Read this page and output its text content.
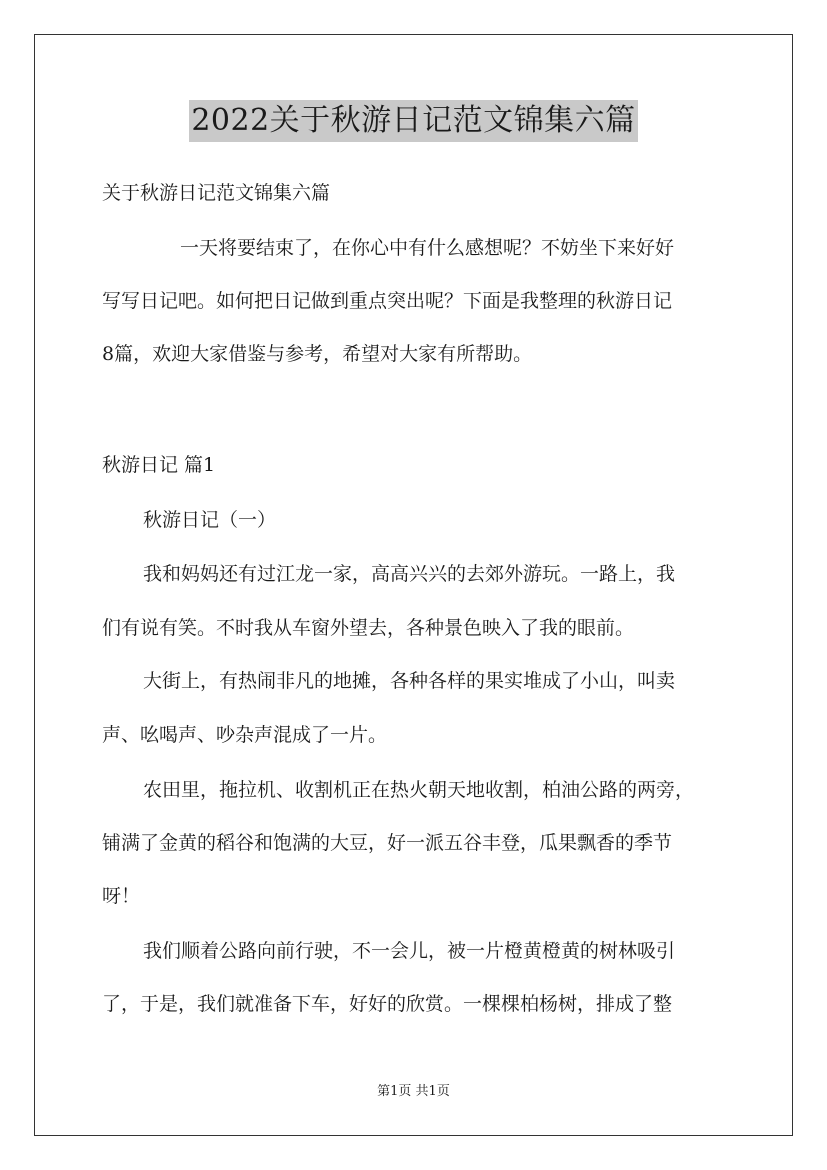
2022关于秋游日记范文锦集六篇
关于秋游日记范文锦集六篇
一天将要结束了，在你心中有什么感想呢？不妨坐下来好好
写写日记吧。如何把日记做到重点突出呢？下面是我整理的秋游日记
8篇，欢迎大家借鉴与参考，希望对大家有所帮助。
秋游日记 篇1
秋游日记（一）
我和妈妈还有过江龙一家，高高兴兴的去郊外游玩。一路上，我
们有说有笑。不时我从车窗外望去，各种景色映入了我的眼前。
大街上，有热闹非凡的地摊，各种各样的果实堆成了小山，叫卖
声、吆喝声、吵杂声混成了一片。
农田里，拖拉机、收割机正在热火朝天地收割，柏油公路的两旁，
铺满了金黄的稻谷和饱满的大豆，好一派五谷丰登，瓜果飘香的季节
呀！
我们顺着公路向前行驶，不一会儿，被一片橙黄橙黄的树林吸引
了，于是，我们就准备下车，好好的欣赏。一棵棵柏杨树，排成了整
第1页 共1页
